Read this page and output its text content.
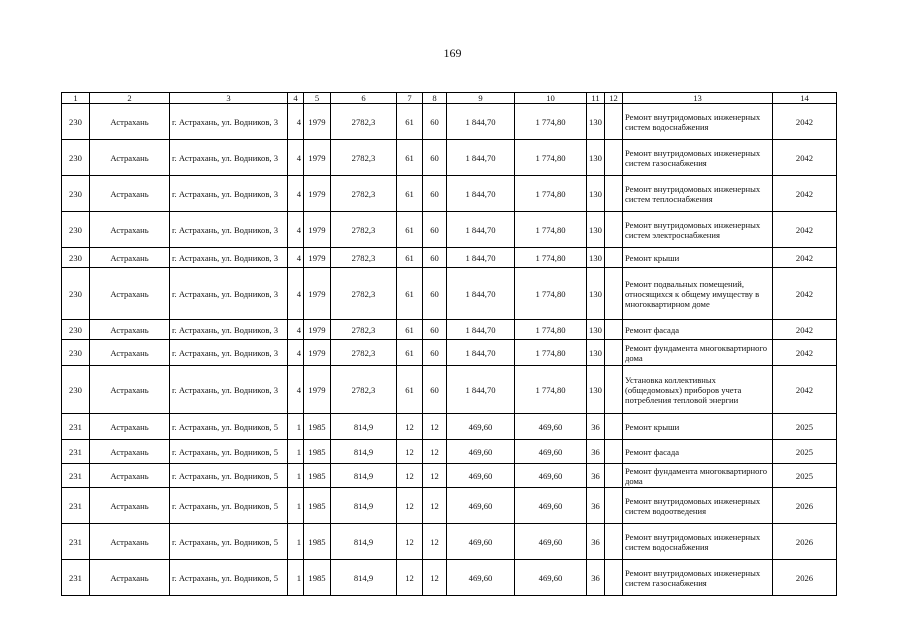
169
1	2	3	4	5	6	7	8	9	10	11	12	13	14
230	Астрахань	г. Астрахань, ул. Водников, 3	4	1979	2782,3	61	60	1 844,70	1 774,80	130		Ремонт внутридомовых инженерных систем водоснабжения	2042
230	Астрахань	г. Астрахань, ул. Водников, 3	4	1979	2782,3	61	60	1 844,70	1 774,80	130		Ремонт внутридомовых инженерных систем газоснабжения	2042
230	Астрахань	г. Астрахань, ул. Водников, 3	4	1979	2782,3	61	60	1 844,70	1 774,80	130		Ремонт внутридомовых инженерных систем теплоснабжения	2042
230	Астрахань	г. Астрахань, ул. Водников, 3	4	1979	2782,3	61	60	1 844,70	1 774,80	130		Ремонт внутридомовых инженерных систем электроснабжения	2042
230	Астрахань	г. Астрахань, ул. Водников, 3	4	1979	2782,3	61	60	1 844,70	1 774,80	130		Ремонт крыши	2042
230	Астрахань	г. Астрахань, ул. Водников, 3	4	1979	2782,3	61	60	1 844,70	1 774,80	130		Ремонт подвальных помещений, относящихся к общему имуществу в многоквартирном доме	2042
230	Астрахань	г. Астрахань, ул. Водников, 3	4	1979	2782,3	61	60	1 844,70	1 774,80	130		Ремонт фасада	2042
230	Астрахань	г. Астрахань, ул. Водников, 3	4	1979	2782,3	61	60	1 844,70	1 774,80	130		Ремонт фундамента многоквартирного дома	2042
230	Астрахань	г. Астрахань, ул. Водников, 3	4	1979	2782,3	61	60	1 844,70	1 774,80	130		Установка коллективных (общедомовых) приборов учета потребления тепловой энергии	2042
231	Астрахань	г. Астрахань, ул. Водников, 5	1	1985	814,9	12	12	469,60	469,60	36		Ремонт крыши	2025
231	Астрахань	г. Астрахань, ул. Водников, 5	1	1985	814,9	12	12	469,60	469,60	36		Ремонт фасада	2025
231	Астрахань	г. Астрахань, ул. Водников, 5	1	1985	814,9	12	12	469,60	469,60	36		Ремонт фундамента многоквартирного дома	2025
231	Астрахань	г. Астрахань, ул. Водников, 5	1	1985	814,9	12	12	469,60	469,60	36		Ремонт внутридомовых инженерных систем водоотведения	2026
231	Астрахань	г. Астрахань, ул. Водников, 5	1	1985	814,9	12	12	469,60	469,60	36		Ремонт внутридомовых инженерных систем водоснабжения	2026
231	Астрахань	г. Астрахань, ул. Водников, 5	1	1985	814,9	12	12	469,60	469,60	36		Ремонт внутридомовых инженерных систем газоснабжения	2026
